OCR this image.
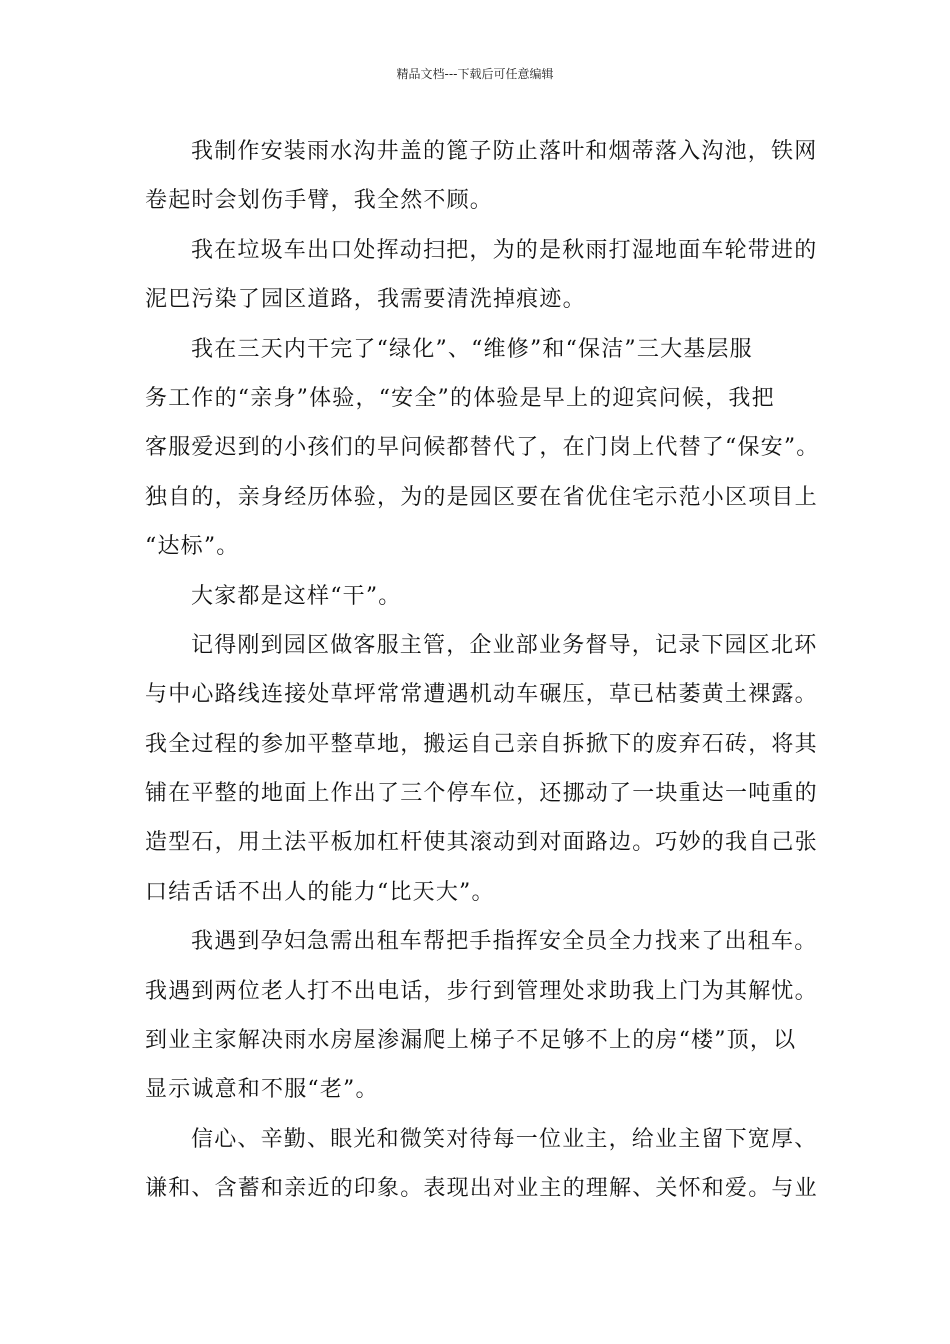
精品文档---下载后可任意编辑
我制作安装雨水沟井盖的篦子防止落叶和烟蒂落入沟池，铁网
卷起时会划伤手臂，我全然不顾。
我在垃圾车出口处挥动扫把，为的是秋雨打湿地面车轮带进的
泥巴污染了园区道路，我需要清洗掉痕迹。
我在三天内干完了“绿化”、“维修”和“保洁”三大基层服
务工作的“亲身”体验，“安全”的体验是早上的迎宾问候，我把
客服爱迟到的小孩们的早问候都替代了，在门岗上代替了“保安”。
独自的，亲身经历体验，为的是园区要在省优住宅示范小区项目上
“达标”。
大家都是这样“干”。
记得刚到园区做客服主管，企业部业务督导，记录下园区北环
与中心路线连接处草坪常常遭遇机动车碾压，草已枯萎黄土裸露。
我全过程的参加平整草地，搬运自己亲自拆掀下的废弃石砖，将其
铺在平整的地面上作出了三个停车位，还挪动了一块重达一吨重的
造型石，用土法平板加杠杆使其滚动到对面路边。巧妙的我自己张
口结舌话不出人的能力“比天大”。
我遇到孕妇急需出租车帮把手指挥安全员全力找来了出租车。
我遇到两位老人打不出电话，步行到管理处求助我上门为其解忧。
到业主家解决雨水房屋渗漏爬上梯子不足够不上的房“楼”顶，以
显示诚意和不服“老”。
信心、辛勤、眼光和微笑对待每一位业主，给业主留下宽厚、
谦和、含蓄和亲近的印象。表现出对业主的理解、关怀和爱。与业
